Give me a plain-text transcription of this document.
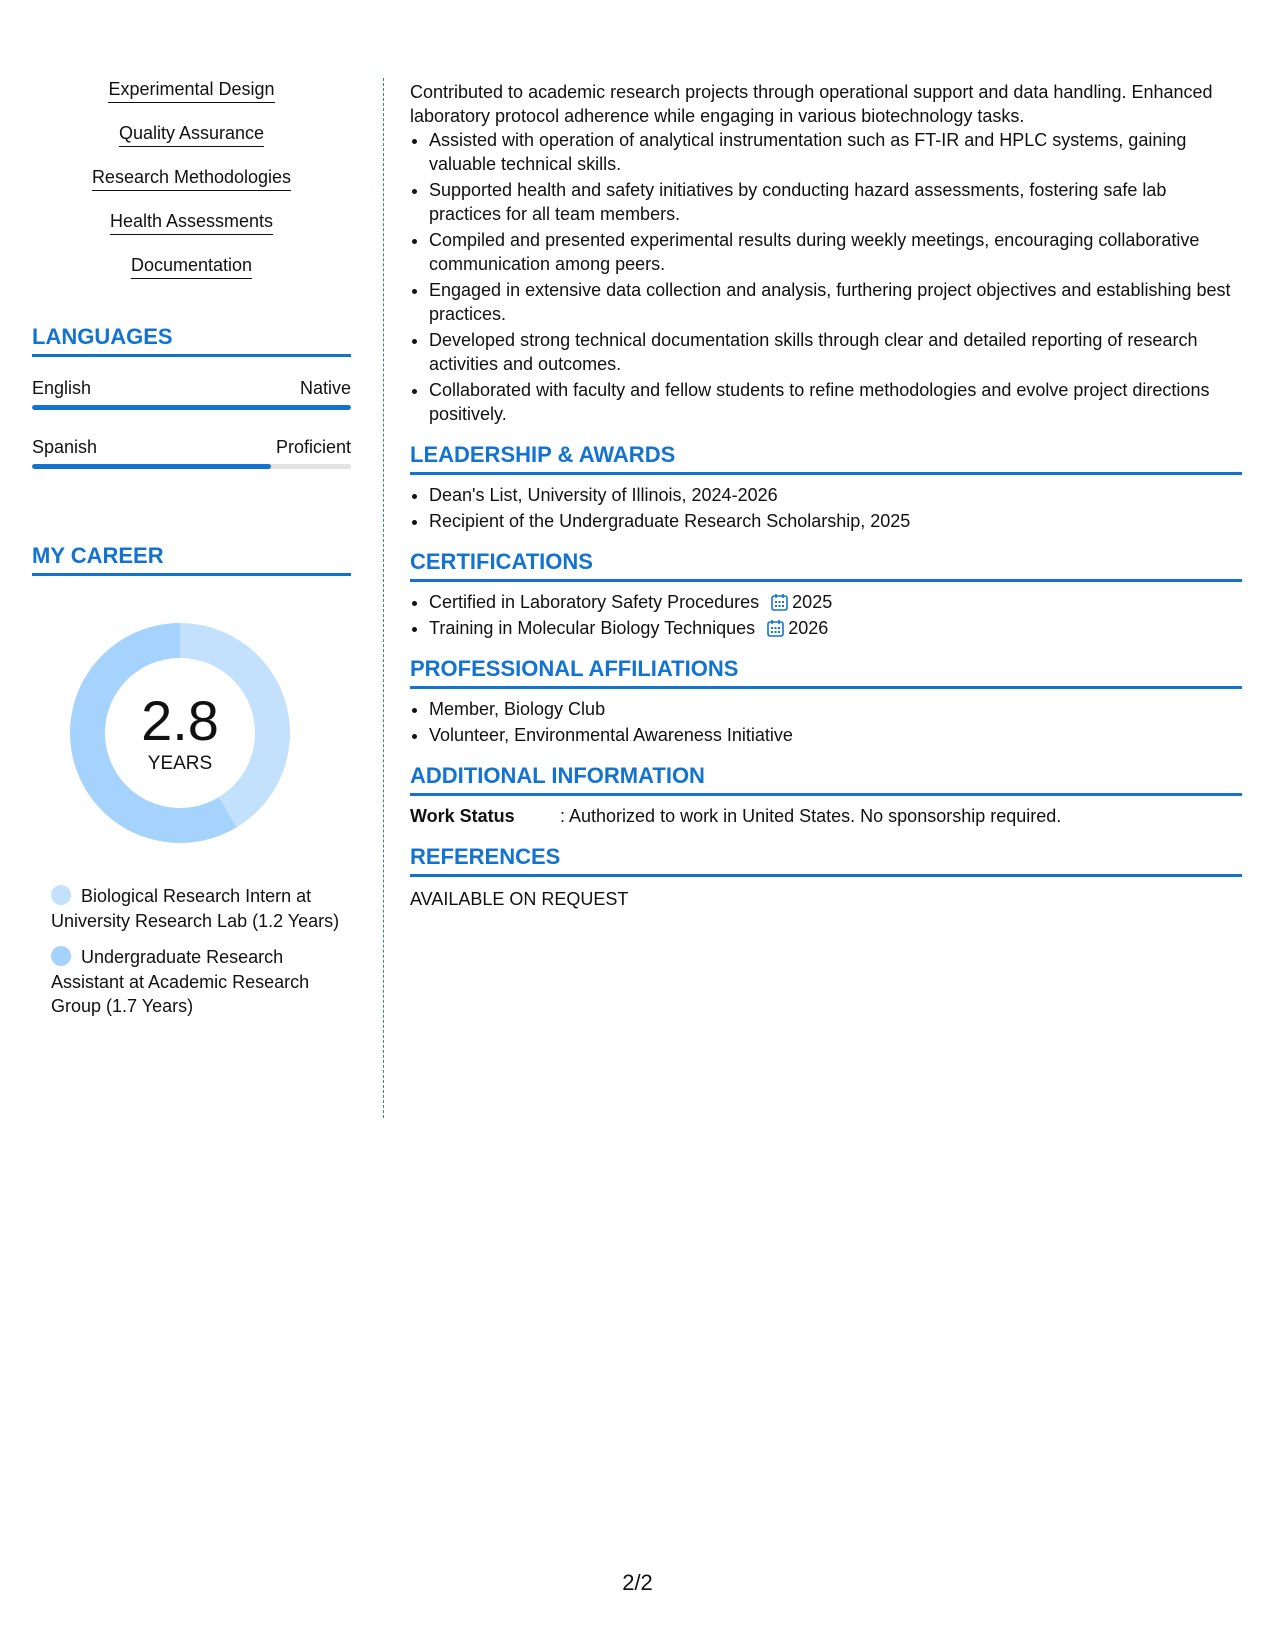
Experimental Design
Quality Assurance
Research Methodologies
Health Assessments
Documentation
LANGUAGES
English	Native
Spanish	Proficient
MY CAREER
2.8
YEARS
Biological Research Intern at University Research Lab (1.2 Years)
Undergraduate Research Assistant at Academic Research Group (1.7 Years)

Contributed to academic research projects through operational support and data handling. Enhanced laboratory protocol adherence while engaging in various biotechnology tasks.

• Assisted with operation of analytical instrumentation such as FT-IR and HPLC systems, gaining valuable technical skills.
• Supported health and safety initiatives by conducting hazard assessments, fostering safe lab practices for all team members.
• Compiled and presented experimental results during weekly meetings, encouraging collaborative communication among peers.
• Engaged in extensive data collection and analysis, furthering project objectives and establishing best practices.
• Developed strong technical documentation skills through clear and detailed reporting of research activities and outcomes.
• Collaborated with faculty and fellow students to refine methodologies and evolve project directions positively.
LEADERSHIP & AWARDS
• Dean's List, University of Illinois, 2024-2026
• Recipient of the Undergraduate Research Scholarship, 2025
CERTIFICATIONS
• Certified in Laboratory Safety Procedures 2025
• Training in Molecular Biology Techniques 2026
PROFESSIONAL AFFILIATIONS
• Member, Biology Club
• Volunteer, Environmental Awareness Initiative
ADDITIONAL INFORMATION
Work Status	: Authorized to work in United States. No sponsorship required.
REFERENCES

AVAILABLE ON REQUEST

2/2
